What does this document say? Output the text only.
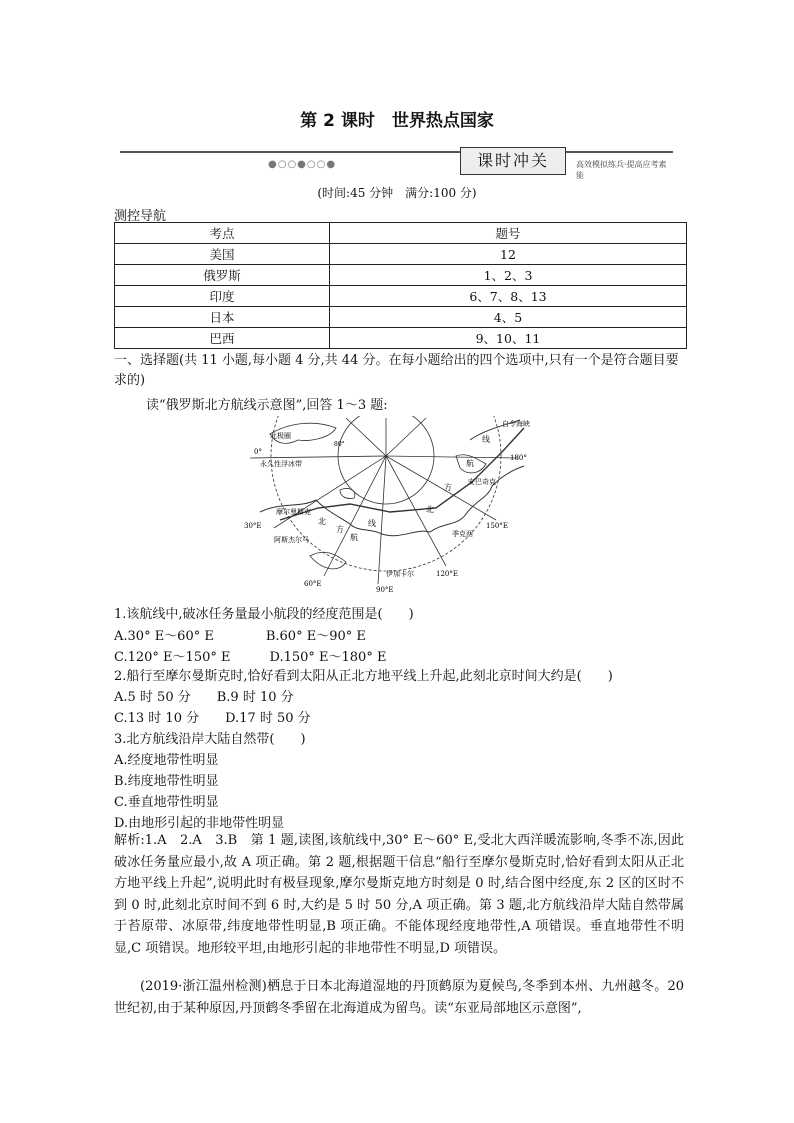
第 2 课时　世界热点国家
●○○●○○●	课时冲关	高效模拟练兵·提高应考素能
(时间:45 分钟　满分:100 分)
测控导航
考点	题号
美国	12
俄罗斯	1、2、3
印度	6、7、8、13
日本	4、5
巴西	9、10、11
一、选择题(共 11 小题,每小题 4 分,共 44 分。在每小题给出的四个选项中,只有一个是符合题目要求的)
读“俄罗斯北方航线示意图”,回答 1～3 题:
北极圈
0°
80°
永久性浮冰带
摩尔曼斯克
30°E
阿斯杰尔马
60°E
90°E
伊加卡尔	120°E
季克西
150°E
安巴奇克
180°
白令海峡
北
方
航
线
北
方
航
线
1.该航线中,破冰任务量最小航段的经度范围是(　　)
A.30° E～60° E　　　　B.60° E～90° E
C.120° E～150° E　　　D.150° E～180° E
2.船行至摩尔曼斯克时,恰好看到太阳从正北方地平线上升起,此刻北京时间大约是(　　)
A.5 时 50 分　　B.9 时 10 分
C.13 时 10 分　　D.17 时 50 分
3.北方航线沿岸大陆自然带(　　)
A.经度地带性明显
B.纬度地带性明显
C.垂直地带性明显
D.由地形引起的非地带性明显
解析:1.A　2.A　3.B　第 1 题,读图,该航线中,30° E～60° E,受北大西洋暖流影响,冬季不冻,因此破冰任务量应最小,故 A 项正确。第 2 题,根据题干信息“船行至摩尔曼斯克时,恰好看到太阳从正北方地平线上升起”,说明此时有极昼现象,摩尔曼斯克地方时刻是 0 时,结合图中经度,东 2 区的区时不到 0 时,此刻北京时间不到 6 时,大约是 5 时 50 分,A 项正确。第 3 题,北方航线沿岸大陆自然带属于苔原带、冰原带,纬度地带性明显,B 项正确。不能体现经度地带性,A 项错误。垂直地带性不明显,C 项错误。地形较平坦,由地形引起的非地带性不明显,D 项错误。
(2019·浙江温州检测)栖息于日本北海道湿地的丹顶鹤原为夏候鸟,冬季到本州、九州越冬。20 世纪初,由于某种原因,丹顶鹤冬季留在北海道成为留鸟。读“东亚局部地区示意图”,
